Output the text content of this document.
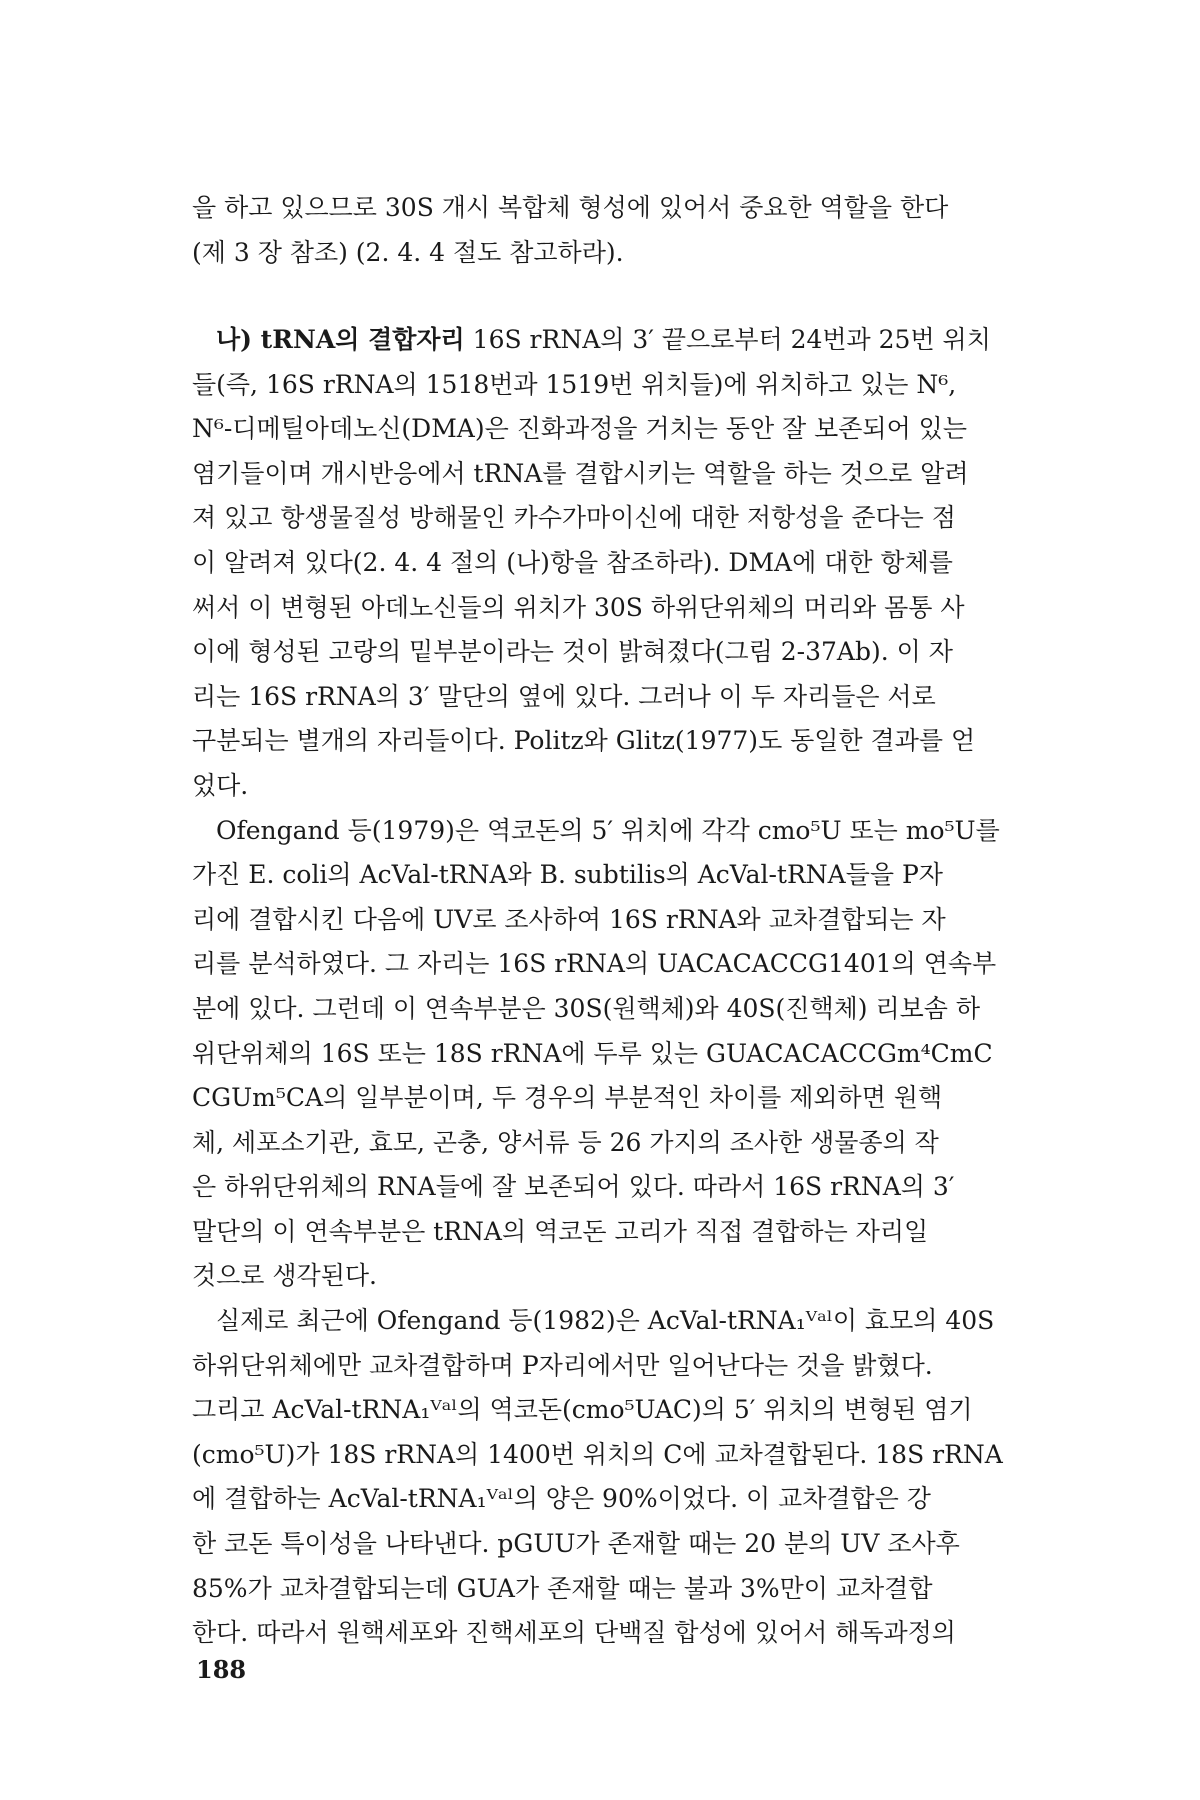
을 하고 있으므로 30S 개시 복합체 형성에 있어서 중요한 역할을 한다
(제 3 장 참조) (2. 4. 4 절도 참고하라).
나) tRNA의 결합자리 16S rRNA의 3′ 끝으로부터 24번과 25번 위치
들(즉, 16S rRNA의 1518번과 1519번 위치들)에 위치하고 있는 N⁶,
N⁶-디메틸아데노신(DMA)은 진화과정을 거치는 동안 잘 보존되어 있는
염기들이며 개시반응에서 tRNA를 결합시키는 역할을 하는 것으로 알려
져 있고 항생물질성 방해물인 카수가마이신에 대한 저항성을 준다는 점
이 알려져 있다(2. 4. 4 절의 (나)항을 참조하라). DMA에 대한 항체를
써서 이 변형된 아데노신들의 위치가 30S 하위단위체의 머리와 몸통 사
이에 형성된 고랑의 밑부분이라는 것이 밝혀졌다(그림 2-37Ab). 이 자
리는 16S rRNA의 3′ 말단의 옆에 있다. 그러나 이 두 자리들은 서로
구분되는 별개의 자리들이다. Politz와 Glitz(1977)도 동일한 결과를 얻
었다.
Ofengand 등(1979)은 역코돈의 5′ 위치에 각각 cmo⁵U 또는 mo⁵U를
가진 E. coli의 AcVal-tRNA와 B. subtilis의 AcVal-tRNA들을 P자
리에 결합시킨 다음에 UV로 조사하여 16S rRNA와 교차결합되는 자
리를 분석하였다. 그 자리는 16S rRNA의 UACACACCG1401의 연속부
분에 있다. 그런데 이 연속부분은 30S(원핵체)와 40S(진핵체) 리보솜 하
위단위체의 16S 또는 18S rRNA에 두루 있는 GUACACACCGm⁴CmC
CGUm⁵CA의 일부분이며, 두 경우의 부분적인 차이를 제외하면 원핵
체, 세포소기관, 효모, 곤충, 양서류 등 26 가지의 조사한 생물종의 작
은 하위단위체의 RNA들에 잘 보존되어 있다. 따라서 16S rRNA의 3′
말단의 이 연속부분은 tRNA의 역코돈 고리가 직접 결합하는 자리일
것으로 생각된다.
실제로 최근에 Ofengand 등(1982)은 AcVal-tRNA₁ⱽᵃˡ이 효모의 40S
하위단위체에만 교차결합하며 P자리에서만 일어난다는 것을 밝혔다.
그리고 AcVal-tRNA₁ⱽᵃˡ의 역코돈(cmo⁵UAC)의 5′ 위치의 변형된 염기
(cmo⁵U)가 18S rRNA의 1400번 위치의 C에 교차결합된다. 18S rRNA
에 결합하는 AcVal-tRNA₁ⱽᵃˡ의 양은 90%이었다. 이 교차결합은 강
한 코돈 특이성을 나타낸다. pGUU가 존재할 때는 20 분의 UV 조사후
85%가 교차결합되는데 GUA가 존재할 때는 불과 3%만이 교차결합
한다. 따라서 원핵세포와 진핵세포의 단백질 합성에 있어서 해독과정의
188
